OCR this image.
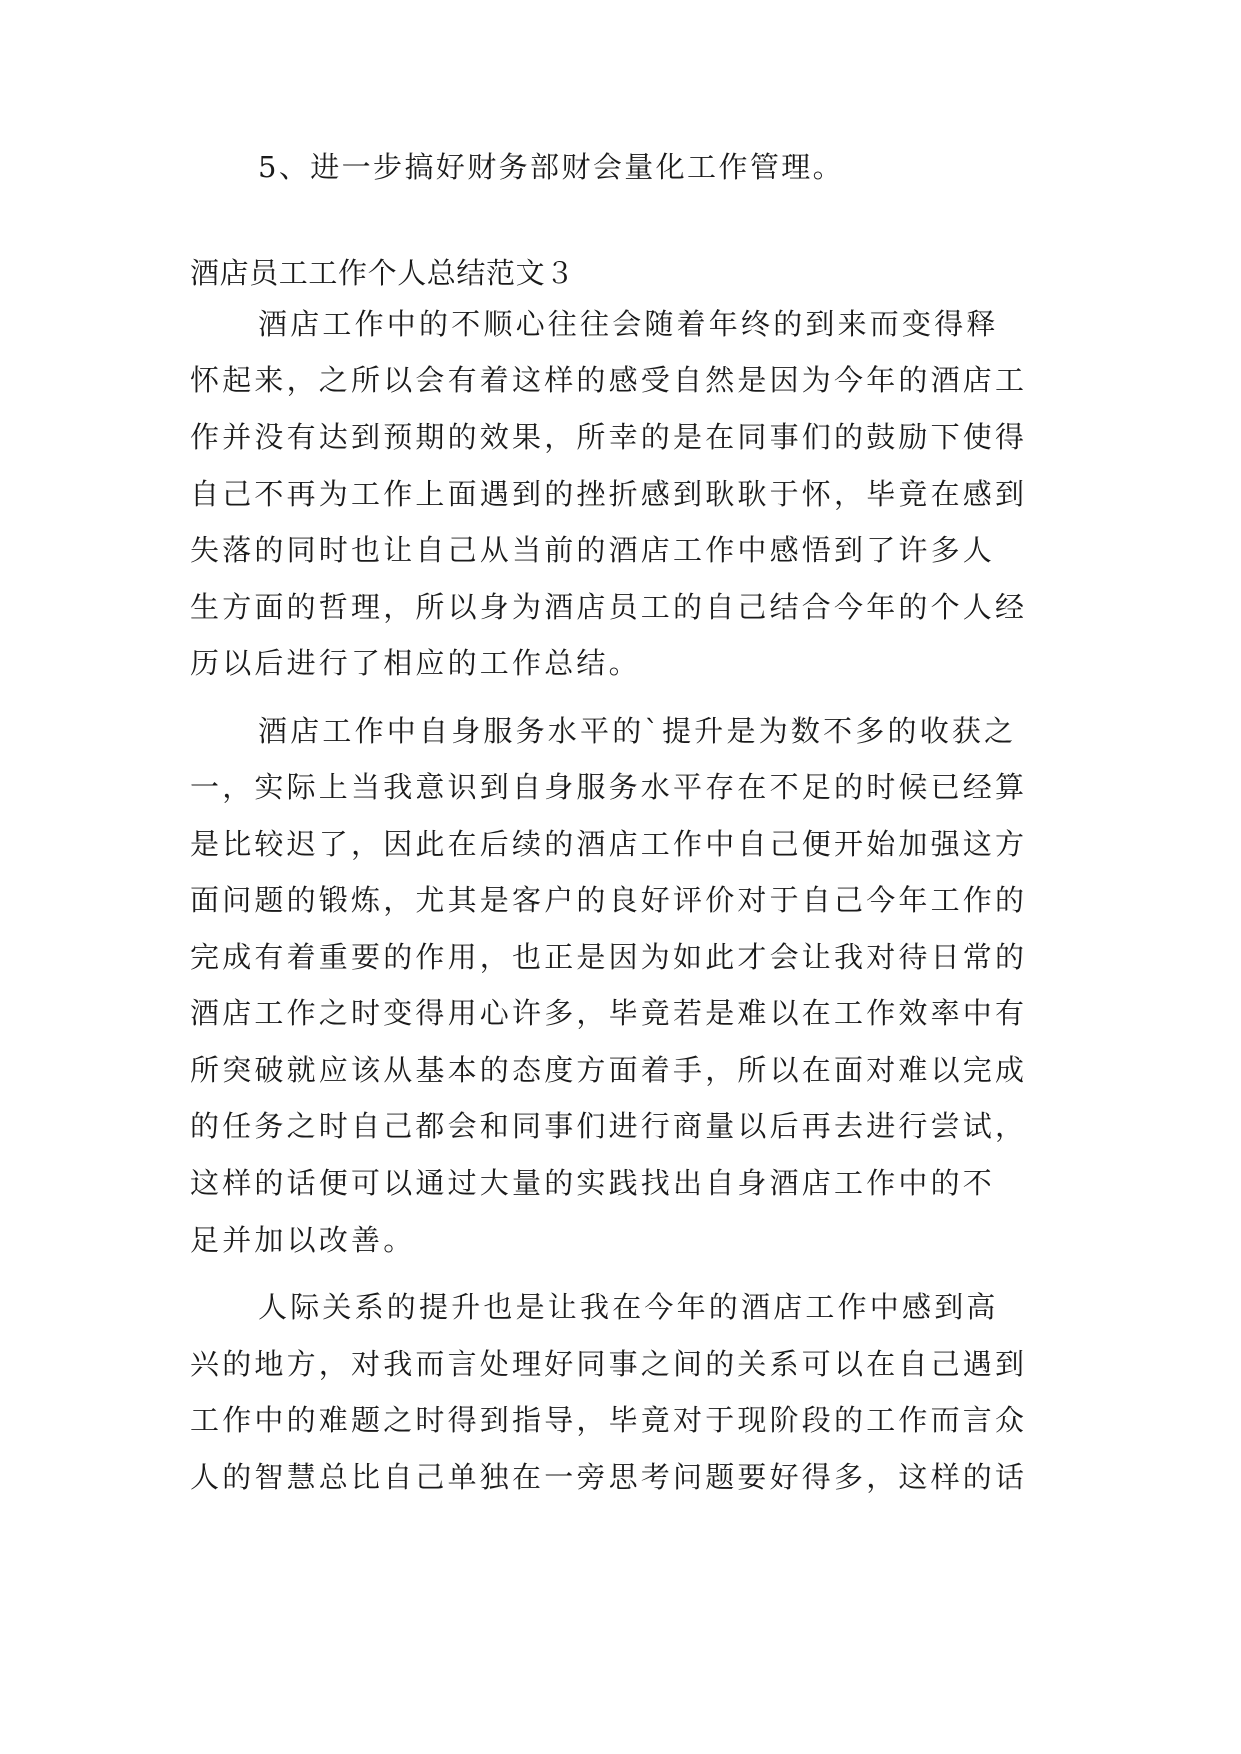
5、进一步搞好财务部财会量化工作管理。

酒店员工工作个人总结范文３

酒店工作中的不顺心往往会随着年终的到来而变得释

怀起来，之所以会有着这样的感受自然是因为今年的酒店工

作并没有达到预期的效果，所幸的是在同事们的鼓励下使得

自己不再为工作上面遇到的挫折感到耿耿于怀，毕竟在感到

失落的同时也让自己从当前的酒店工作中感悟到了许多人

生方面的哲理，所以身为酒店员工的自己结合今年的个人经

历以后进行了相应的工作总结。

酒店工作中自身服务水平的`提升是为数不多的收获之

一，实际上当我意识到自身服务水平存在不足的时候已经算

是比较迟了，因此在后续的酒店工作中自己便开始加强这方

面问题的锻炼，尤其是客户的良好评价对于自己今年工作的

完成有着重要的作用，也正是因为如此才会让我对待日常的

酒店工作之时变得用心许多，毕竟若是难以在工作效率中有

所突破就应该从基本的态度方面着手，所以在面对难以完成

的任务之时自己都会和同事们进行商量以后再去进行尝试，

这样的话便可以通过大量的实践找出自身酒店工作中的不

足并加以改善。

人际关系的提升也是让我在今年的酒店工作中感到高

兴的地方，对我而言处理好同事之间的关系可以在自己遇到

工作中的难题之时得到指导，毕竟对于现阶段的工作而言众

人的智慧总比自己单独在一旁思考问题要好得多，这样的话
